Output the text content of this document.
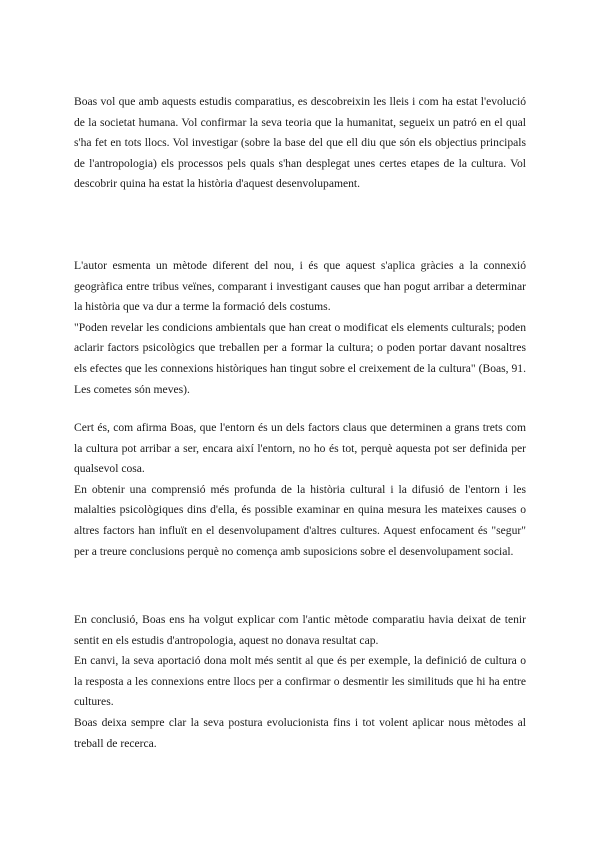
Boas vol que amb aquests estudis comparatius, es descobreixin les lleis i com ha estat l'evolució de la societat humana. Vol confirmar la seva teoria que la humanitat, segueix un patró en el qual s'ha fet en tots llocs. Vol investigar (sobre la base del que ell diu que són els objectius principals de l'antropologia) els processos pels quals s'han desplegat unes certes etapes de la cultura. Vol descobrir quina ha estat la història d'aquest desenvolupament.

L'autor esmenta un mètode diferent del nou, i és que aquest s'aplica gràcies a la connexió geogràfica entre tribus veïnes, comparant i investigant causes que han pogut arribar a determinar la història que va dur a terme la formació dels costums.

"Poden revelar les condicions ambientals que han creat o modificat els elements culturals; poden aclarir factors psicològics que treballen per a formar la cultura; o poden portar davant nosaltres els efectes que les connexions històriques han tingut sobre el creixement de la cultura" (Boas, 91. Les cometes són meves).

Cert és, com afirma Boas, que l'entorn és un dels factors claus que determinen a grans trets com la cultura pot arribar a ser, encara així l'entorn, no ho és tot, perquè aquesta pot ser definida per qualsevol cosa.

En obtenir una comprensió més profunda de la història cultural i la difusió de l'entorn i les malalties psicològiques dins d'ella, és possible examinar en quina mesura les mateixes causes o altres factors han influït en el desenvolupament d'altres cultures. Aquest enfocament és "segur" per a treure conclusions perquè no comença amb suposicions sobre el desenvolupament social.

En conclusió, Boas ens ha volgut explicar com l'antic mètode comparatiu havia deixat de tenir sentit en els estudis d'antropologia, aquest no donava resultat cap.

En canvi, la seva aportació dona molt més sentit al que és per exemple, la definició de cultura o la resposta a les connexions entre llocs per a confirmar o desmentir les similituds que hi ha entre cultures.

Boas deixa sempre clar la seva postura evolucionista fins i tot volent aplicar nous mètodes al treball de recerca.
